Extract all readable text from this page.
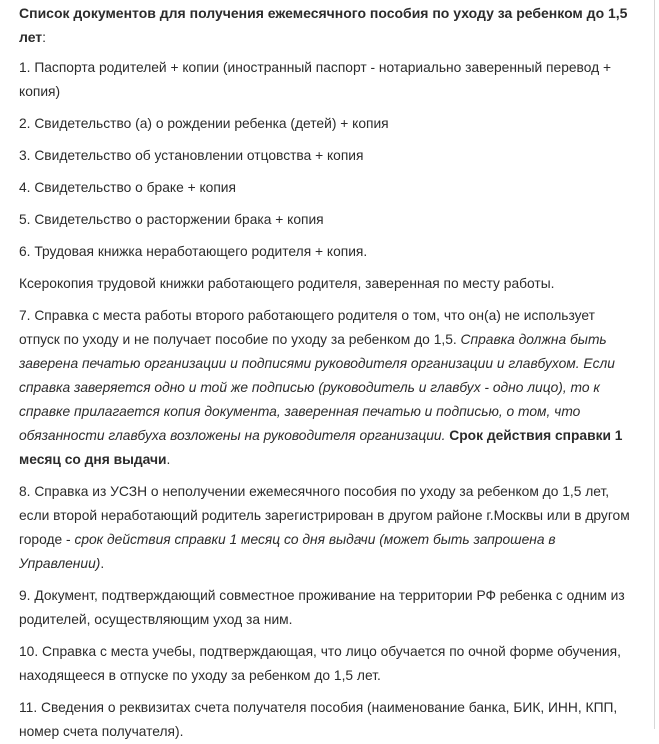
Список документов для получения ежемесячного пособия по уходу за ребенком до 1,5 лет:

1. Паспорта родителей + копии (иностранный паспорт - нотариально заверенный перевод + копия)

2. Свидетельство (а) о рождении ребенка (детей) + копия

3. Свидетельство об установлении отцовства + копия

4. Свидетельство о браке + копия

5. Свидетельство о расторжении брака + копия

6. Трудовая книжка неработающего родителя + копия.

Ксерокопия трудовой книжки работающего родителя, заверенная по месту работы.

7. Справка с места работы второго работающего родителя о том, что он(а) не использует отпуск по уходу и не получает пособие по уходу за ребенком до 1,5. Справка должна быть заверена печатью организации и подписями руководителя организации и главбухом. Если справка заверяется одно и той же подписью (руководитель и главбух - одно лицо), то к справке прилагается копия документа, заверенная печатью и подписью, о том, что обязанности главбуха возложены на руководителя организации. Срок действия справки 1 месяц со дня выдачи.

8. Справка из УСЗН о неполучении ежемесячного пособия по уходу за ребенком до 1,5 лет, если второй неработающий родитель зарегистрирован в другом районе г.Москвы или в другом городе - срок действия справки 1 месяц со дня выдачи (может быть запрошена в Управлении).

9. Документ, подтверждающий совместное проживание на территории РФ ребенка с одним из родителей, осуществляющим уход за ним.

10. Справка с места учебы, подтверждающая, что лицо обучается по очной форме обучения, находящееся в отпуске по уходу за ребенком до 1,5 лет.

11. Сведения о реквизитах счета получателя пособия (наименование банка, БИК, ИНН, КПП, номер счета получателя).
